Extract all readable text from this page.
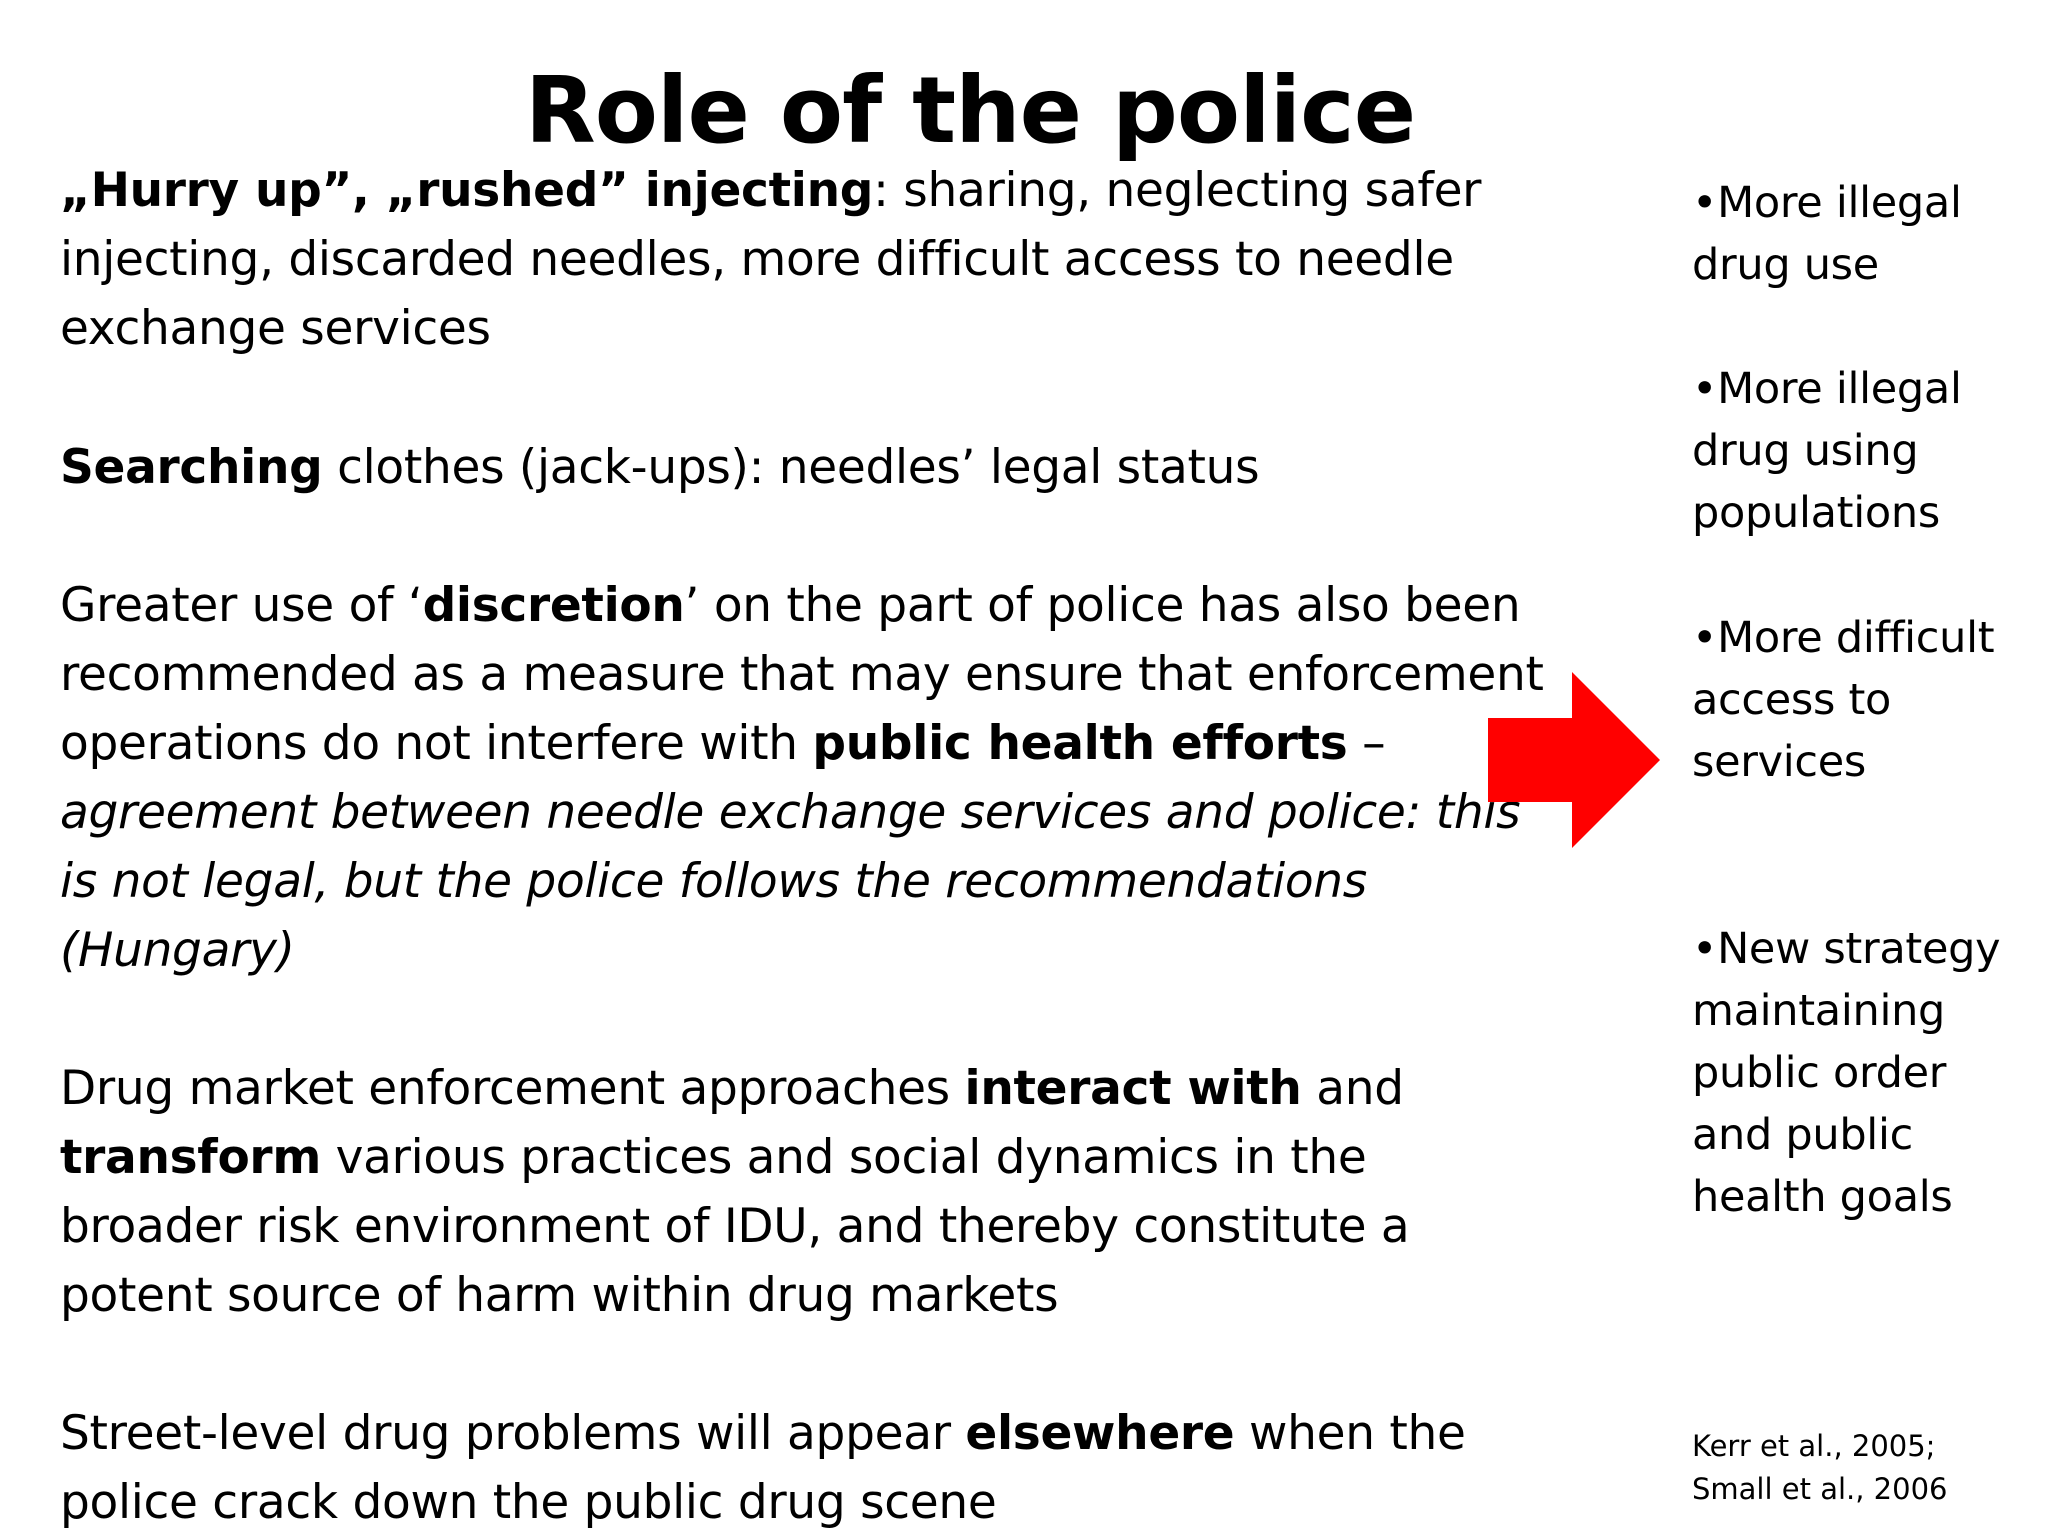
Role of the police

„Hurry up”, „rushed” injecting: sharing, neglecting safer injecting, discarded needles, more difficult access to needle exchange services

Searching clothes (jack-ups): needles’ legal status

Greater use of ‘discretion’ on the part of police has also been recommended as a measure that may ensure that enforcement operations do not interfere with public health efforts – agreement between needle exchange services and police: this is not legal, but the police follows the recommendations (Hungary)

Drug market enforcement approaches interact with and transform various practices and social dynamics in the broader risk environment of IDU, and thereby constitute a potent source of harm within drug markets

Street-level drug problems will appear elsewhere when the police crack down the public drug scene

•More illegal drug use
•More illegal drug using populations
•More difficult access to services
•New strategy maintaining public order and public health goals
Kerr et al., 2005;
Small et al., 2006
